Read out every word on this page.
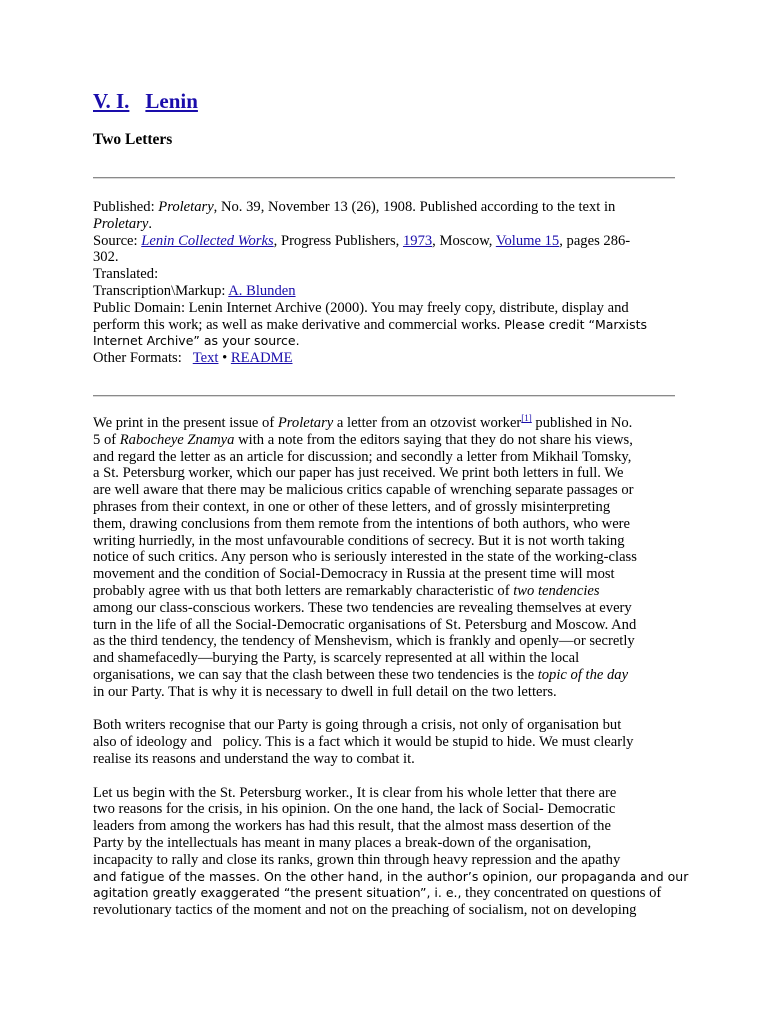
V. I. Lenin
Two Letters
Published: Proletary, No. 39, November 13 (26), 1908. Published according to the text in
Proletary.
Source: Lenin Collected Works, Progress Publishers, 1973, Moscow, Volume 15, pages 286-
302.
Translated:
Transcription\Markup: A. Blunden
Public Domain: Lenin Internet Archive (2000). You may freely copy, distribute, display and
perform this work; as well as make derivative and commercial works. Please credit “Marxists
Internet Archive” as your source.
Other Formats: Text • README

We print in the present issue of Proletary a letter from an otzovist worker[1] published in No.
5 of Rabocheye Znamya with a note from the editors saying that they do not share his views,
and regard the letter as an article for discussion; and secondly a letter from Mikhail Tomsky,
a St. Petersburg worker, which our paper has just received. We print both letters in full. We
are well aware that there may be malicious critics capable of wrenching separate passages or
phrases from their context, in one or other of these letters, and of grossly misinterpreting
them, drawing conclusions from them remote from the intentions of both authors, who were
writing hurriedly, in the most unfavourable conditions of secrecy. But it is not worth taking
notice of such critics. Any person who is seriously interested in the state of the working-class
movement and the condition of Social-Democracy in Russia at the present time will most
probably agree with us that both letters are remarkably characteristic of two tendencies
among our class-conscious workers. These two tendencies are revealing themselves at every
turn in the life of all the Social-Democratic organisations of St. Petersburg and Moscow. And
as the third tendency, the tendency of Menshevism, which is frankly and openly—or secretly
and shamefacedly—burying the Party, is scarcely represented at all within the local
organisations, we can say that the clash between these two tendencies is the topic of the day
in our Party. That is why it is necessary to dwell in full detail on the two letters.

Both writers recognise that our Party is going through a crisis, not only of organisation but
also of ideology and   policy. This is a fact which it would be stupid to hide. We must clearly
realise its reasons and understand the way to combat it.

Let us begin with the St. Petersburg worker., It is clear from his whole letter that there are
two reasons for the crisis, in his opinion. On the one hand, the lack of Social- Democratic
leaders from among the workers has had this result, that the almost mass desertion of the
Party by the intellectuals has meant in many places a break-down of the organisation,
incapacity to rally and close its ranks, grown thin through heavy repression and the apathy
and fatigue of the masses. On the other hand, in the author’s opinion, our propaganda and our
agitation greatly exaggerated “the present situation”, i. e., they concentrated on questions of
revolutionary tactics of the moment and not on the preaching of socialism, not on developing
